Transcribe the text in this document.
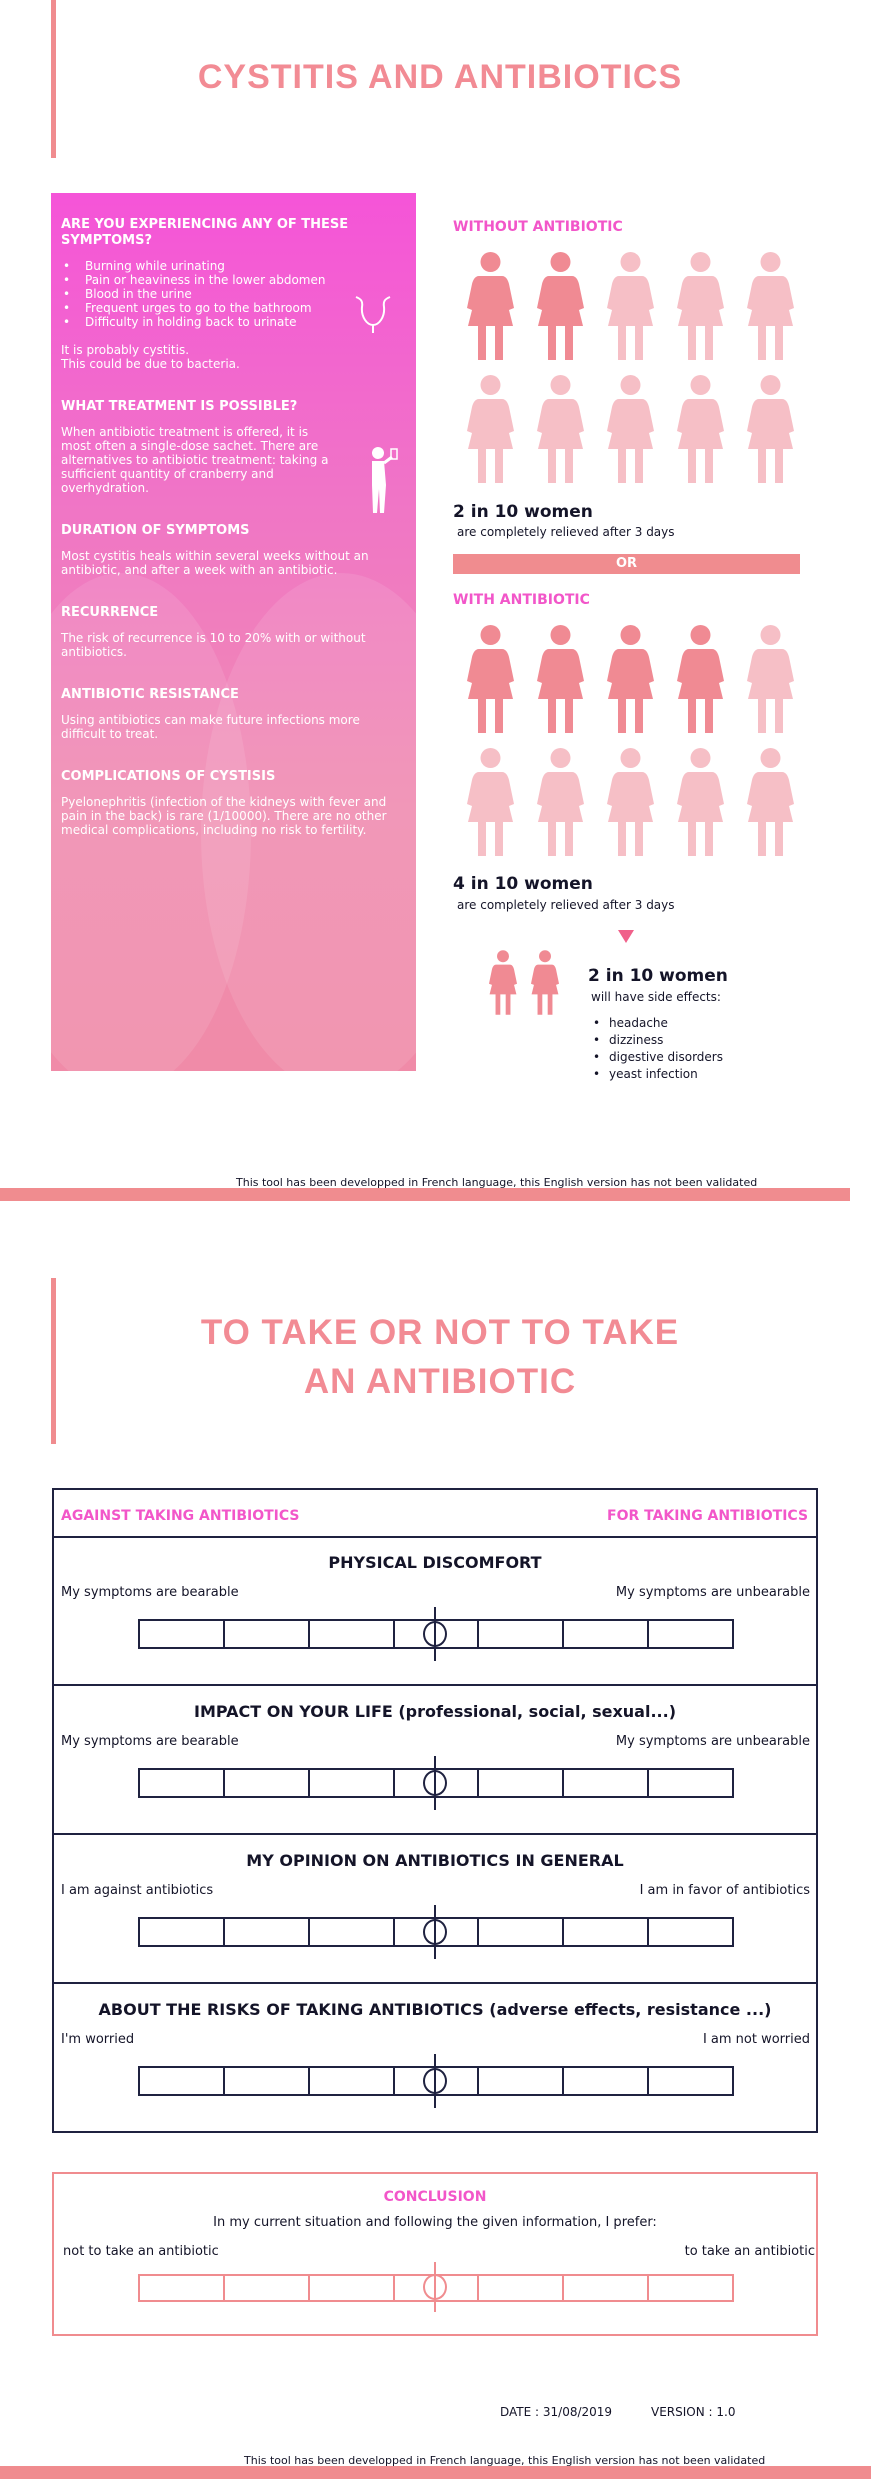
CYSTITIS AND ANTIBIOTICS
ARE YOU EXPERIENCING ANY OF THESE SYMPTOMS?
• Burning while urinating
• Pain or heaviness in the lower abdomen
• Blood in the urine
• Frequent urges to go to the bathroom
• Difficulty in holding back to urinate

It is probably cystitis.

This could be due to bacteria.

WHAT TREATMENT IS POSSIBLE?

When antibiotic treatment is offered, it is most often a single-dose sachet. There are alternatives to antibiotic treatment: taking a sufficient quantity of cranberry and overhydration.

DURATION OF SYMPTOMS

Most cystitis heals within several weeks without an antibiotic, and after a week with an antibiotic.

RECURRENCE

The risk of recurrence is 10 to 20% with or without antibiotics.

ANTIBIOTIC RESISTANCE

Using antibiotics can make future infections more difficult to treat.

COMPLICATIONS OF CYSTISIS

Pyelonephritis (infection of the kidneys with fever and pain in the back) is rare (1/10000). There are no other medical complications, including no risk to fertility.

WITHOUT ANTIBIOTIC
2 in 10 women
are completely relieved after 3 days
OR
WITH ANTIBIOTIC
4 in 10 women
are completely relieved after 3 days
2 in 10 women
will have side effects:
• headache
• dizziness
• digestive disorders
• yeast infection
This tool has been developped in French language, this English version has not been validated
TO TAKE OR NOT TO TAKE
AN ANTIBIOTIC
AGAINST TAKING ANTIBIOTICS	FOR TAKING ANTIBIOTICS
PHYSICAL DISCOMFORT
My symptoms are bearable	My symptoms are unbearable
IMPACT ON YOUR LIFE (professional, social, sexual...)
My symptoms are bearable	My symptoms are unbearable
MY OPINION ON ANTIBIOTICS IN GENERAL
I am against antibiotics	I am in favor of antibiotics
ABOUT THE RISKS OF TAKING ANTIBIOTICS (adverse effects, resistance ...)
I'm worried	I am not worried
CONCLUSION
In my current situation and following the given information, I prefer:
not to take an antibiotic	to take an antibiotic
DATE : 31/08/2019	VERSION : 1.0
This tool has been developped in French language, this English version has not been validated
